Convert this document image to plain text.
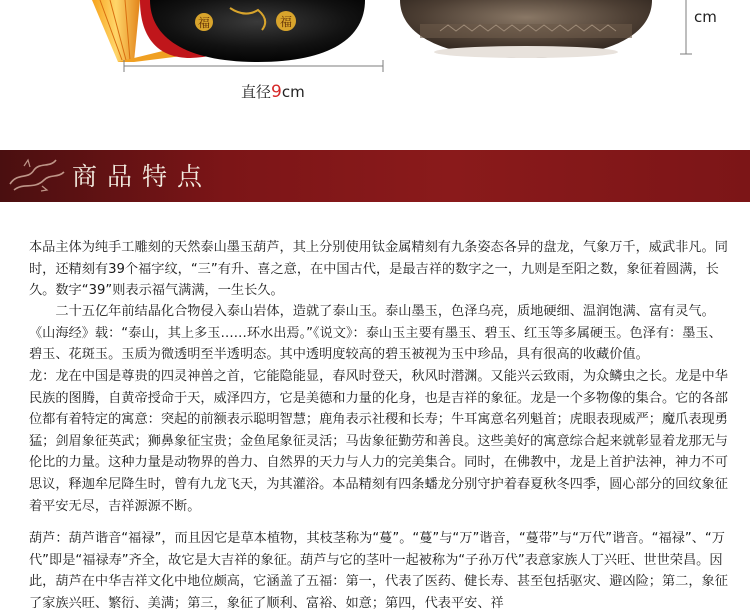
福	福
直径9cm
cm
商品特点

本品主体为纯手工雕刻的天然泰山墨玉葫芦，其上分别使用钛金属精刻有九条姿态各异的盘龙，气象万千，威武非凡。同时，还精刻有39个福字纹，“三”有升、喜之意，在中国古代，是最吉祥的数字之一，九则是至阳之数，象征着圆满，长久。数字“39”则表示福气满满，一生长久。

二十五亿年前结晶化合物侵入泰山岩体，造就了泰山玉。泰山墨玉，色泽乌亮，质地硬细、温润饱满、富有灵气。《山海经》载：“泰山，其上多玉……环水出焉。”《说文》：泰山玉主要有墨玉、碧玉、红玉等多属硬玉。色泽有：墨玉、碧玉、花斑玉。玉质为微透明至半透明态。其中透明度较高的碧玉被视为玉中珍品，具有很高的收藏价值。

龙：龙在中国是尊贵的四灵神兽之首，它能隐能显，春风时登天，秋风时潜渊。又能兴云致雨，为众鳞虫之长。龙是中华民族的图腾，自黄帝授命于天，威泽四方，它是美德和力量的化身，也是吉祥的象征。龙是一个多物像的集合。它的各部位都有着特定的寓意：突起的前额表示聪明智慧；鹿角表示社稷和长寿；牛耳寓意名列魁首；虎眼表现威严；魔爪表现勇猛；剑眉象征英武；狮鼻象征宝贵；金鱼尾象征灵活；马齿象征勤劳和善良。这些美好的寓意综合起来就彰显着龙那无与伦比的力量。这种力量是动物界的兽力、自然界的天力与人力的完美集合。同时，在佛教中，龙是上首护法神，神力不可思议，释迦牟尼降生时，曾有九龙飞天，为其灌浴。本品精刻有四条蟠龙分别守护着春夏秋冬四季，圆心部分的回纹象征着平安无尽，吉祥源源不断。

葫芦：葫芦谐音“福禄”，而且因它是草本植物，其枝茎称为“蔓”。“蔓”与“万”谐音，“蔓带”与“万代”谐音。“福禄”、“万代”即是“福禄寿”齐全，故它是大吉祥的象征。葫芦与它的茎叶一起被称为“子孙万代”表意家族人丁兴旺、世世荣昌。因此，葫芦在中华吉祥文化中地位颇高，它涵盖了五福：第一，代表了医药、健长寿、甚至包括驱灾、避凶险；第二，象征了家族兴旺、繁衍、美满；第三，象征了顺利、富裕、如意；第四，代表平安、祥
